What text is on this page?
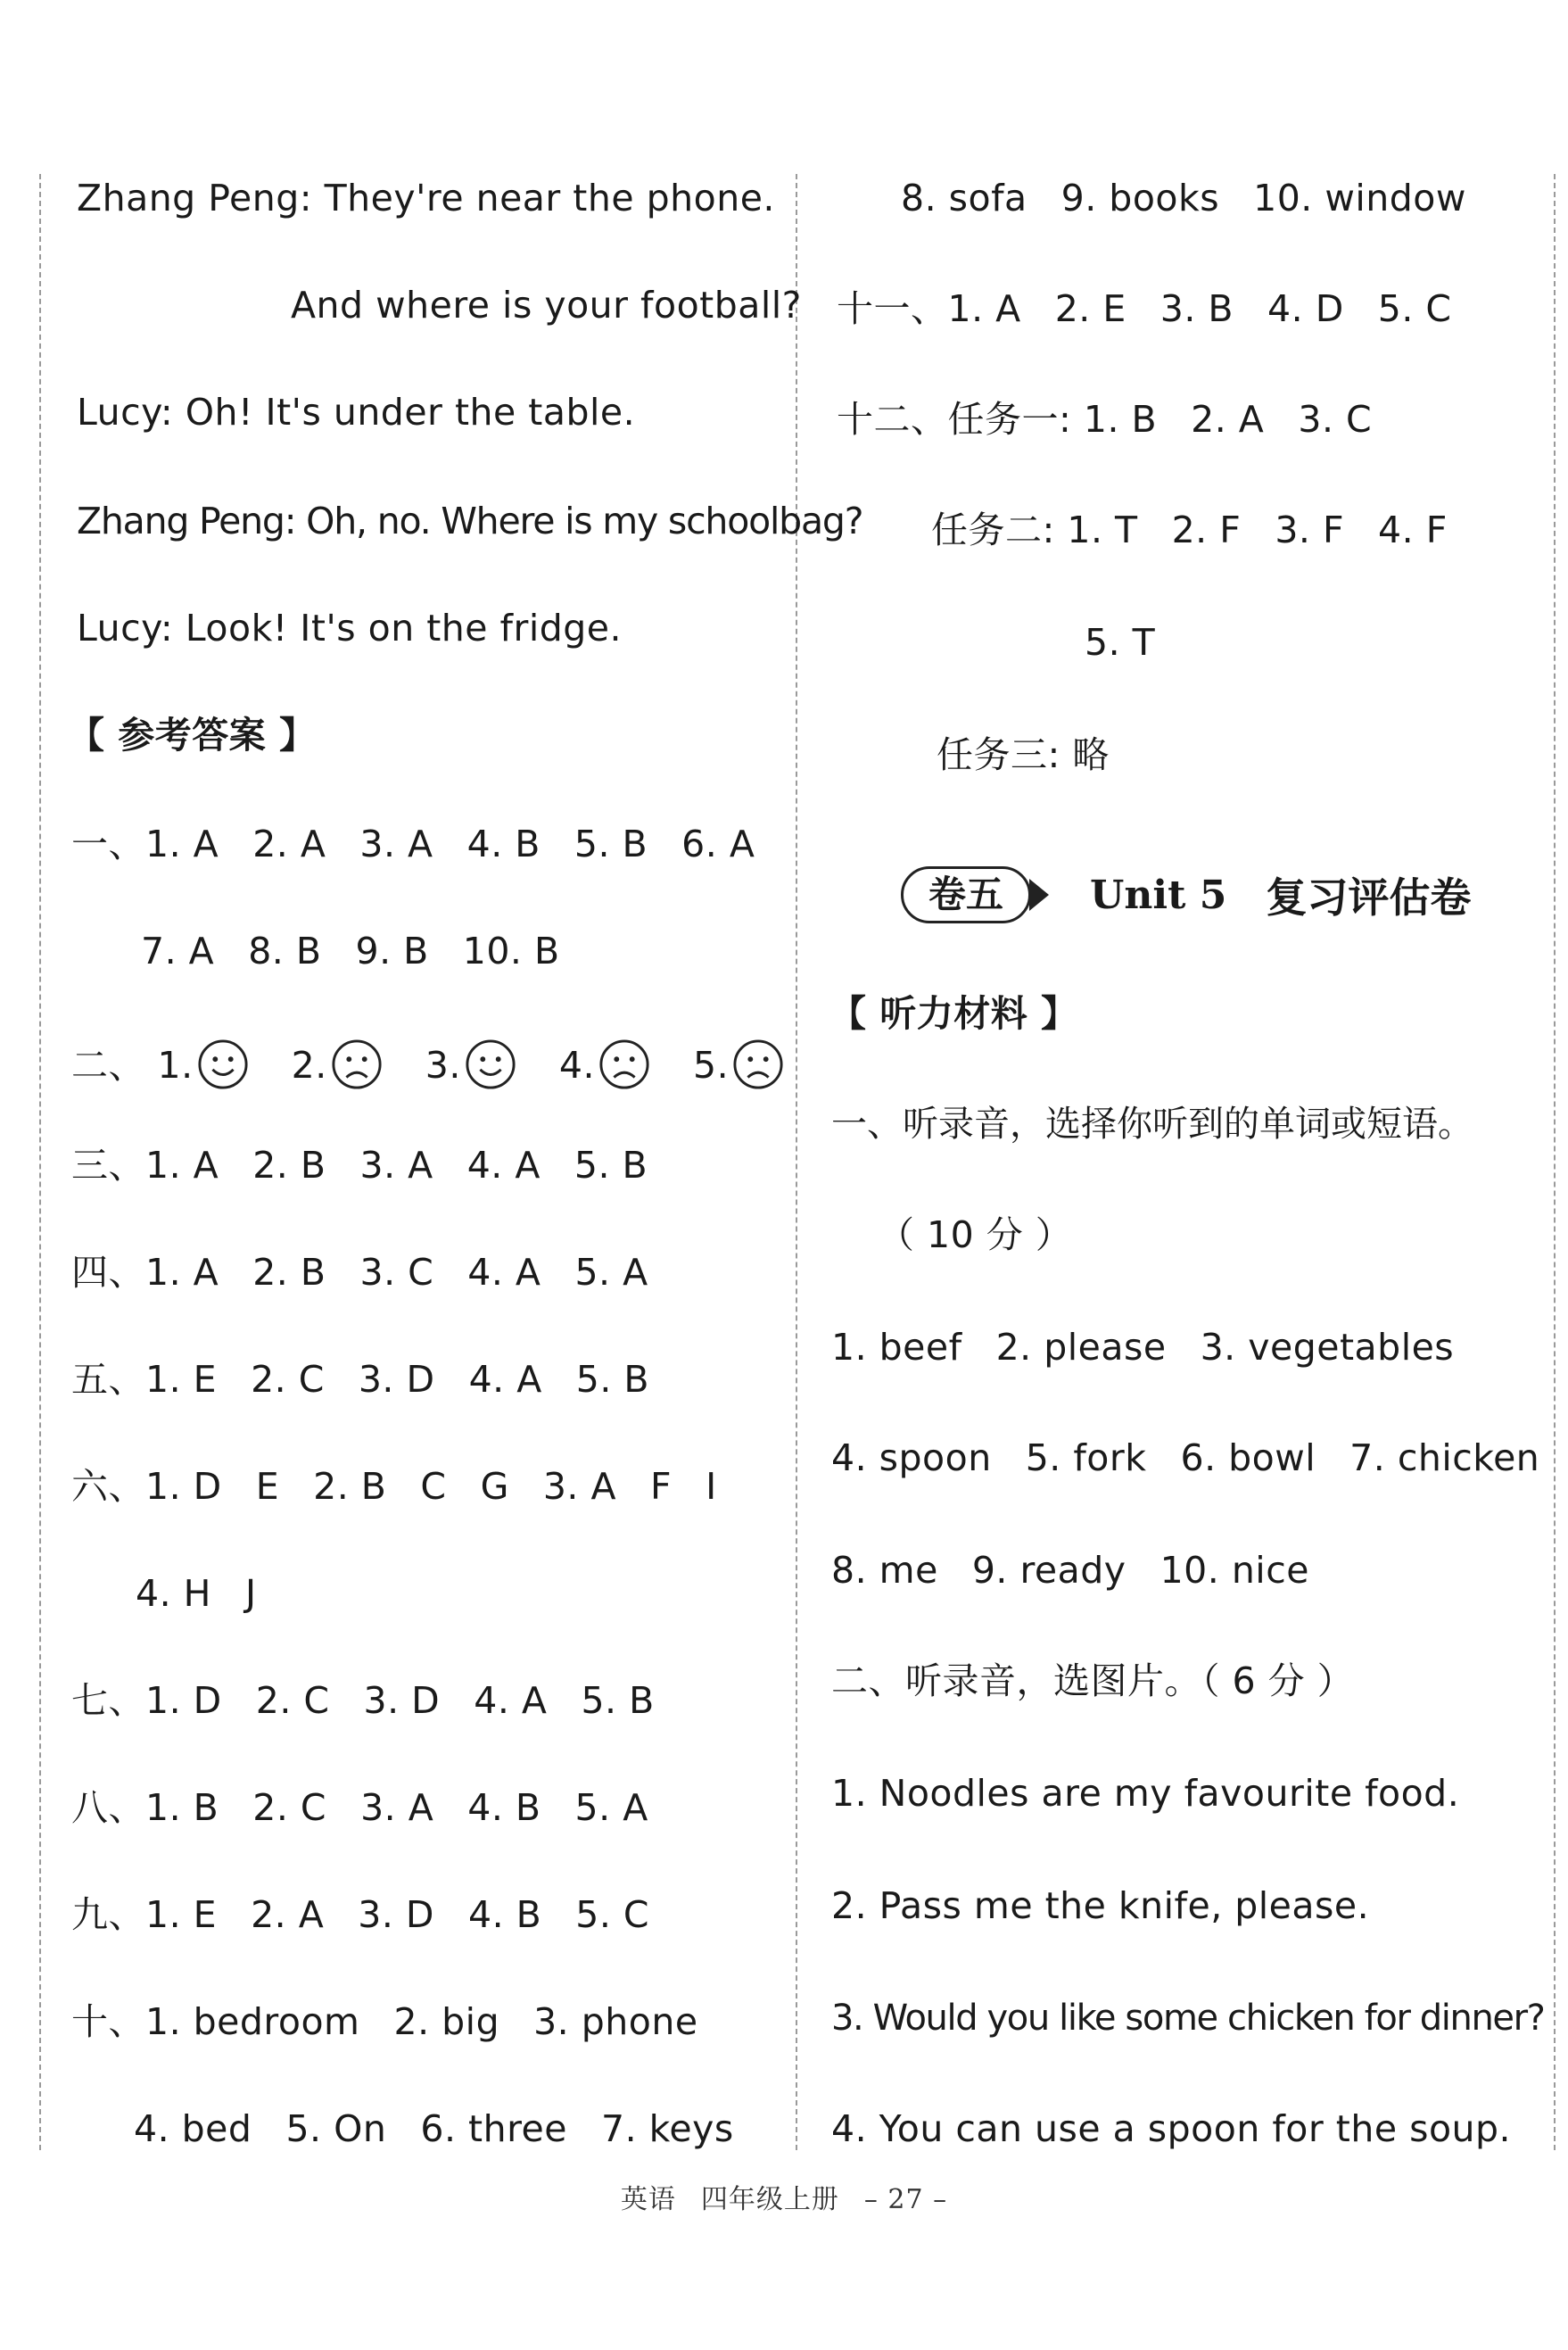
Zhang Peng: They're near the phone.
And where is your football?
Lucy: Oh! It's under the table.
Zhang Peng: Oh, no. Where is my schoolbag?
Lucy: Look! It's on the fridge.
【 参考答案 】
一、1. A 2. A 3. A 4. B 5. B 6. A
7. A 8. B 9. B 10. B
二、 1.	2.	3.	4.	5.
三、1. A 2. B 3. A 4. A 5. B
四、1. A 2. B 3. C 4. A 5. A
五、1. E 2. C 3. D 4. A 5. B
六、1. D E 2. B C G 3. A F I
4. H J
七、1. D 2. C 3. D 4. A 5. B
八、1. B 2. C 3. A 4. B 5. A
九、1. E 2. A 3. D 4. B 5. C
十、1. bedroom 2. big 3. phone
4. bed 5. On 6. three 7. keys
8. sofa 9. books 10. window
十一、1. A 2. E 3. B 4. D 5. C
十二、任务一: 1. B 2. A 3. C
任务二: 1. T 2. F 3. F 4. F
5. T
任务三: 略
卷五	Unit 5 复习评估卷
【 听力材料 】
一、听录音，选择你听到的单词或短语。
（ 10 分 ）
1. beef 2. please 3. vegetables
4. spoon 5. fork 6. bowl 7. chicken
8. me 9. ready 10. nice
二、听录音，选图片。（ 6 分 ）
1. Noodles are my favourite food.
2. Pass me the knife, please.
3. Would you like some chicken for dinner?
4. You can use a spoon for the soup.
英语 四年级上册 – 27 –
